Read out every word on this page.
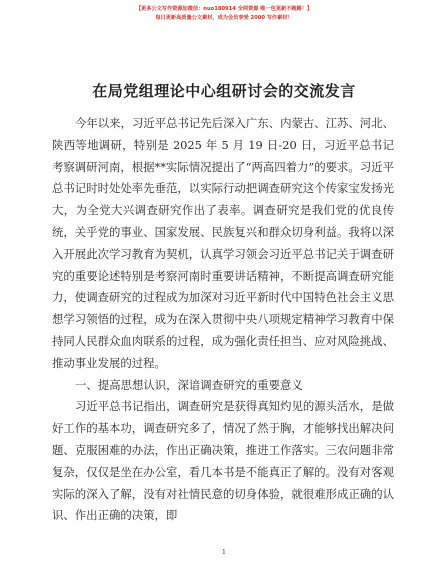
【更多公文写作资源加微信：nuo180914 全网资源 唯一包更新不跑路！】
每日更新高质量公文素材，成为会员享受 2000 写作素材！
在局党组理论中心组研讨会的交流发言

今年以来，习近平总书记先后深入广东、内蒙古、江苏、河北、陕西等地调研，特别是 2025 年 5 月 19 日-20 日，习近平总书记考察调研河南，根据**实际情况提出了“两高四着力”的要求。习近平总书记时时处处率先垂范，以实际行动把调查研究这个传家宝发扬光大，为全党大兴调查研究作出了表率。调查研究是我们党的优良传统，关乎党的事业、国家发展、民族复兴和群众切身利益。我将以深入开展此次学习教育为契机，认真学习领会习近平总书记关于调查研究的重要论述特别是考察河南时重要讲话精神，不断提高调查研究能力，使调查研究的过程成为加深对习近平新时代中国特色社会主义思想学习领悟的过程，成为在深入贯彻中央八项规定精神学习教育中保持同人民群众血肉联系的过程，成为强化责任担当、应对风险挑战、推动事业发展的过程。

一、提高思想认识，深谙调查研究的重要意义

习近平总书记指出，调查研究是获得真知灼见的源头活水，是做好工作的基本功，调查研究多了，情况了然于胸，才能够找出解决问题、克服困难的办法，作出正确决策，推进工作落实。三农问题非常复杂，仅仅是坐在办公室，看几本书是不能真正了解的。没有对客观实际的深入了解，没有对社情民意的切身体验，就很难形成正确的认识、作出正确的决策，即

1
